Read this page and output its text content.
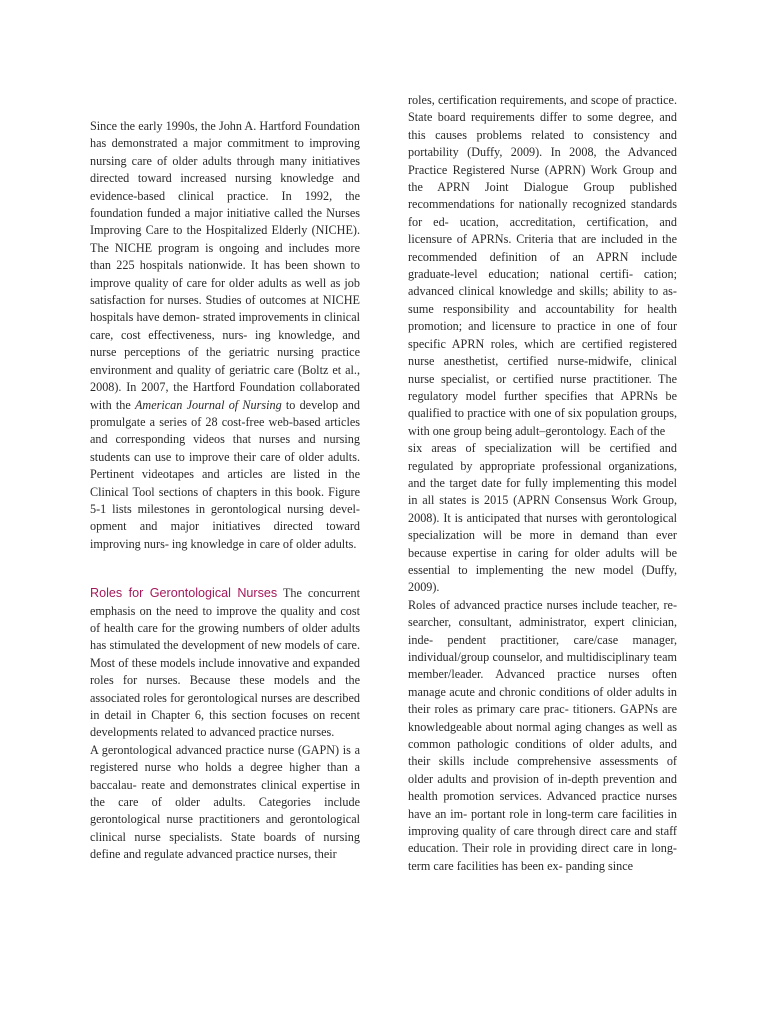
Since the early 1990s, the John A. Hartford Foundation has demonstrated a major commitment to improving nursing care of older adults through many initiatives directed toward increased nursing knowledge and evidence-based clinical practice. In 1992, the foundation funded a major initiative called the Nurses Improving Care to the Hospitalized Elderly (NICHE). The NICHE program is ongoing and includes more than 225 hospitals nationwide. It has been shown to improve quality of care for older adults as well as job satisfaction for nurses. Studies of outcomes at NICHE hospitals have demon- strated improvements in clinical care, cost effectiveness, nurs- ing knowledge, and nurse perceptions of the geriatric nursing practice environment and quality of geriatric care (Boltz et al., 2008). In 2007, the Hartford Foundation collaborated with the American Journal of Nursing to develop and promulgate a series of 28 cost-free web-based articles and corresponding videos that nurses and nursing students can use to improve their care of older adults. Pertinent videotapes and articles are listed in the Clinical Tool sections of chapters in this book. Figure 5-1 lists milestones in gerontological nursing devel- opment and major initiatives directed toward improving nurs- ing knowledge in care of older adults.

Roles for Gerontological Nurses The concurrent emphasis on the need to improve the quality and cost of health care for the growing numbers of older adults has stimulated the development of new models of care. Most of these models include innovative and expanded roles for nurses. Because these models and the associated roles for gerontological nurses are described in detail in Chapter 6, this section focuses on recent developments related to advanced practice nurses.

A gerontological advanced practice nurse (GAPN) is a registered nurse who holds a degree higher than a baccalau- reate and demonstrates clinical expertise in the care of older adults. Categories include gerontological nurse practitioners and gerontological clinical nurse specialists. State boards of nursing define and regulate advanced practice nurses, their

roles, certification requirements, and scope of practice. State board requirements differ to some degree, and this causes problems related to consistency and portability (Duffy, 2009). In 2008, the Advanced Practice Registered Nurse (APRN) Work Group and the APRN Joint Dialogue Group published recommendations for nationally recognized standards for ed- ucation, accreditation, certification, and licensure of APRNs. Criteria that are included in the recommended definition of an APRN include graduate-level education; national certifi- cation; advanced clinical knowledge and skills; ability to as- sume responsibility and accountability for health promotion; and licensure to practice in one of four specific APRN roles, which are certified registered nurse anesthetist, certified nurse-midwife, clinical nurse specialist, or certified nurse practitioner. The regulatory model further specifies that APRNs be qualified to practice with one of six population groups, with one group being adult–gerontology. Each of the

six areas of specialization will be certified and regulated by appropriate professional organizations, and the target date for fully implementing this model in all states is 2015 (APRN Consensus Work Group, 2008). It is anticipated that nurses with gerontological specialization will be more in demand than ever because expertise in caring for older adults will be essential to implementing the new model (Duffy, 2009).

Roles of advanced practice nurses include teacher, re- searcher, consultant, administrator, expert clinician, inde- pendent practitioner, care/case manager, individual/group counselor, and multidisciplinary team member/leader. Advanced practice nurses often manage acute and chronic conditions of older adults in their roles as primary care prac- titioners. GAPNs are knowledgeable about normal aging changes as well as common pathologic conditions of older adults, and their skills include comprehensive assessments of older adults and provision of in-depth prevention and health promotion services. Advanced practice nurses have an im- portant role in long-term care facilities in improving quality of care through direct care and staff education. Their role in providing direct care in long-term care facilities has been ex- panding since
